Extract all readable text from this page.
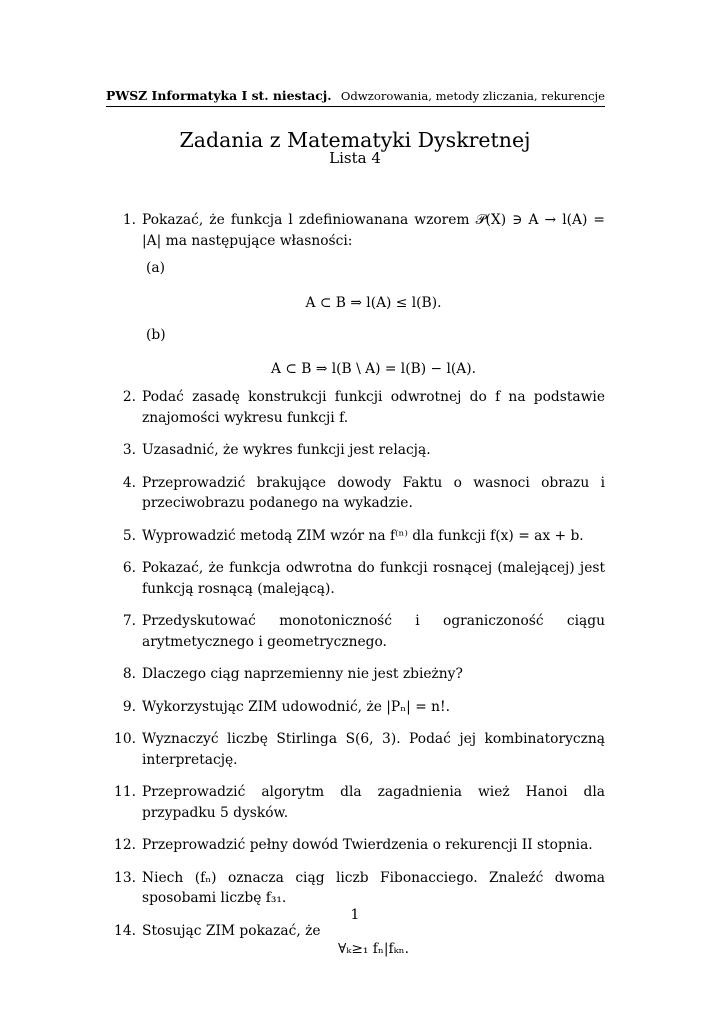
PWSZ Informatyka I st. niestacj. Odwzorowania, metody zliczania, rekurencje
Zadania z Matematyki Dyskretnej
Lista 4
1. Pokazać, że funkcja l zdefiniowanana wzorem 𝒫(X) ∋ A → l(A) = |A| ma następujące własności:
(a)
A ⊂ B ⇒ l(A) ≤ l(B).
(b)
A ⊂ B ⇒ l(B \ A) = l(B) − l(A).
2. Podać zasadę konstrukcji funkcji odwrotnej do f na podstawie znajomości wykresu funkcji f.
3. Uzasadnić, że wykres funkcji jest relacją.
4. Przeprowadzić brakujące dowody Faktu o wasnoci obrazu i przeciwobrazu podanego na wykadzie.
5. Wyprowadzić metodą ZIM wzór na f⁽ⁿ⁾ dla funkcji f(x) = ax + b.
6. Pokazać, że funkcja odwrotna do funkcji rosnącej (malejącej) jest funkcją rosnącą (malejącą).
7. Przedyskutować monotoniczność i ograniczoność ciągu arytmetycznego i geometrycznego.
8. Dlaczego ciąg naprzemienny nie jest zbieżny?
9. Wykorzystując ZIM udowodnić, że |Pₙ| = n!.
10. Wyznaczyć liczbę Stirlinga S(6, 3). Podać jej kombinatoryczną interpretację.
11. Przeprowadzić algorytm dla zagadnienia wież Hanoi dla przypadku 5 dysków.
12. Przeprowadzić pełny dowód Twierdzenia o rekurencji II stopnia.
13. Niech (fₙ) oznacza ciąg liczb Fibonacciego. Znaleźć dwoma sposobami liczbę f₃₁.
14. Stosując ZIM pokazać, że
∀ₖ≥₁ fₙ|fₖₙ.
1
